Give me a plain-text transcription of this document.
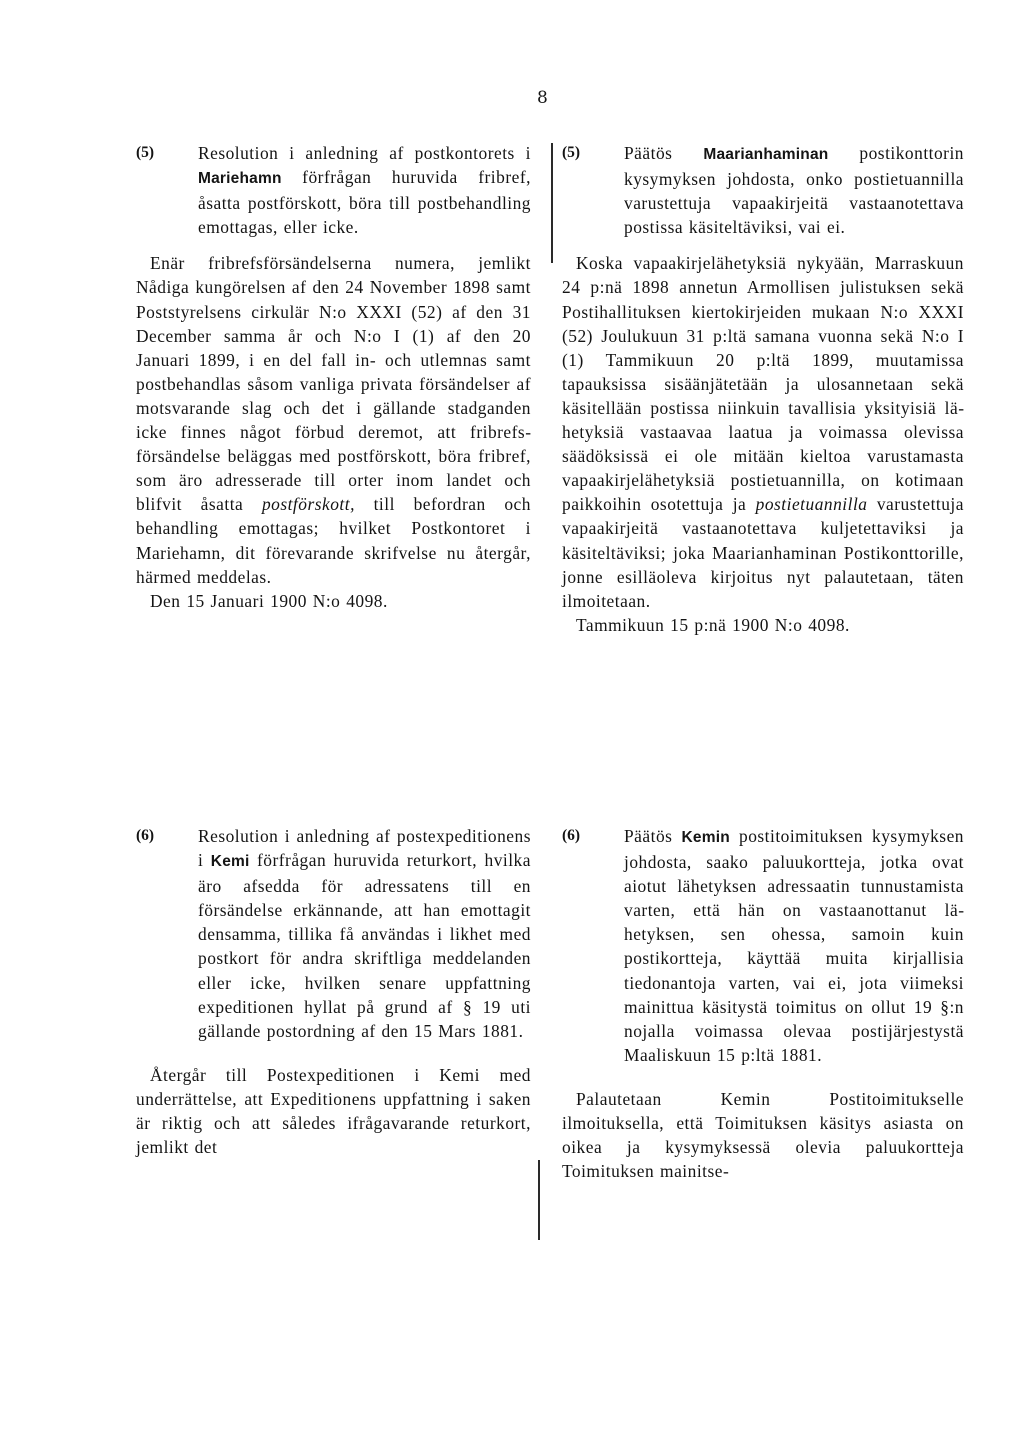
8
(5)	Resolution i anledning af postkontorets i Mariehamn förfrågan huruvida fribref, åsatta postförskott, böra till postbehandling emottagas, eller icke.

Enär fribrefsförsändelserna numera, jemlikt Nådiga kungörelsen af den 24 November 1898 samt Poststyrelsens cirkulär N:o XXXI (52) af den 31 December samma år och N:o I (1) af den 20 Januari 1899, i en del fall in- och utlemnas samt postbehandlas såsom vanliga privata försändelser af motsvarande slag och det i gällande stadganden icke finnes något förbud deremot, att fribrefsförsändelse beläggas med postförskott, böra fribref, som äro adresserade till orter inom landet och blifvit åsatta postförskott, till befordran och behandling emottagas; hvilket Postkontoret i Mariehamn, dit förevarande skrifvelse nu återgår, härmed meddelas.

Den 15 Januari 1900 N:o 4098.

(5)	Päätös Maarianhaminan postikonttorin kysymyksen johdosta, onko postietuannilla varustettuja vapaakirjeitä vastaanotettava postissa käsiteltäviksi, vai ei.

Koska vapaakirjelähetyksiä nykyään, Marraskuun 24 p:nä 1898 annetun Armollisen julistuksen sekä Postihallituksen kiertokirjeiden mukaan N:o XXXI (52) Joulukuun 31 p:ltä samana vuonna sekä N:o I (1) Tammikuun 20 p:ltä 1899, muutamissa tapauksissa sisäänjätetään ja ulosannetaan sekä käsitellään postissa niinkuin tavallisia yksityisiä lähetyksiä vastaavaa laatua ja voimassa olevissa säädöksissä ei ole mitään kieltoa varustamasta vapaakirjelähetyksiä postietuannilla, on kotimaan paikkoihin osotettuja ja postietuannilla varustettuja vapaakirjeitä vastaanotettava kuljetettaviksi ja käsiteltäviksi; joka Maarianhaminan Postikonttorille, jonne esilläoleva kirjoitus nyt palautetaan, täten ilmoitetaan.

Tammikuun 15 p:nä 1900 N:o 4098.

(6)	Resolution i anledning af postexpeditionens i Kemi förfrågan huruvida returkort, hvilka äro afsedda för adressatens till en försändelse erkännande, att han emottagit densamma, tillika få användas i likhet med postkort för andra skriftliga meddelanden eller icke, hvilken senare uppfattning expeditionen hyllat på grund af § 19 uti gällande postordning af den 15 Mars 1881.

Återgår till Postexpeditionen i Kemi med underrättelse, att Expeditionens uppfattning i saken är riktig och att således ifrågavarande returkort, jemlikt det

(6)	Päätös Kemin postitoimituksen kysymyksen johdosta, saako paluukortteja, jotka ovat aiotut lähetyksen adressaatin tunnustamista varten, että hän on vastaanottanut lähetyksen, sen ohessa, samoin kuin postikortteja, käyttää muita kirjallisia tiedonantoja varten, vai ei, jota viimeksi mainittua käsitystä toimitus on ollut 19 §:n nojalla voimassa olevaa postijärjestystä Maaliskuun 15 p:ltä 1881.

Palautetaan Kemin Postitoimitukselle ilmoituksella, että Toimituksen käsitys asiasta on oikea ja kysymyksessä olevia paluukortteja Toimituksen mainitse-
